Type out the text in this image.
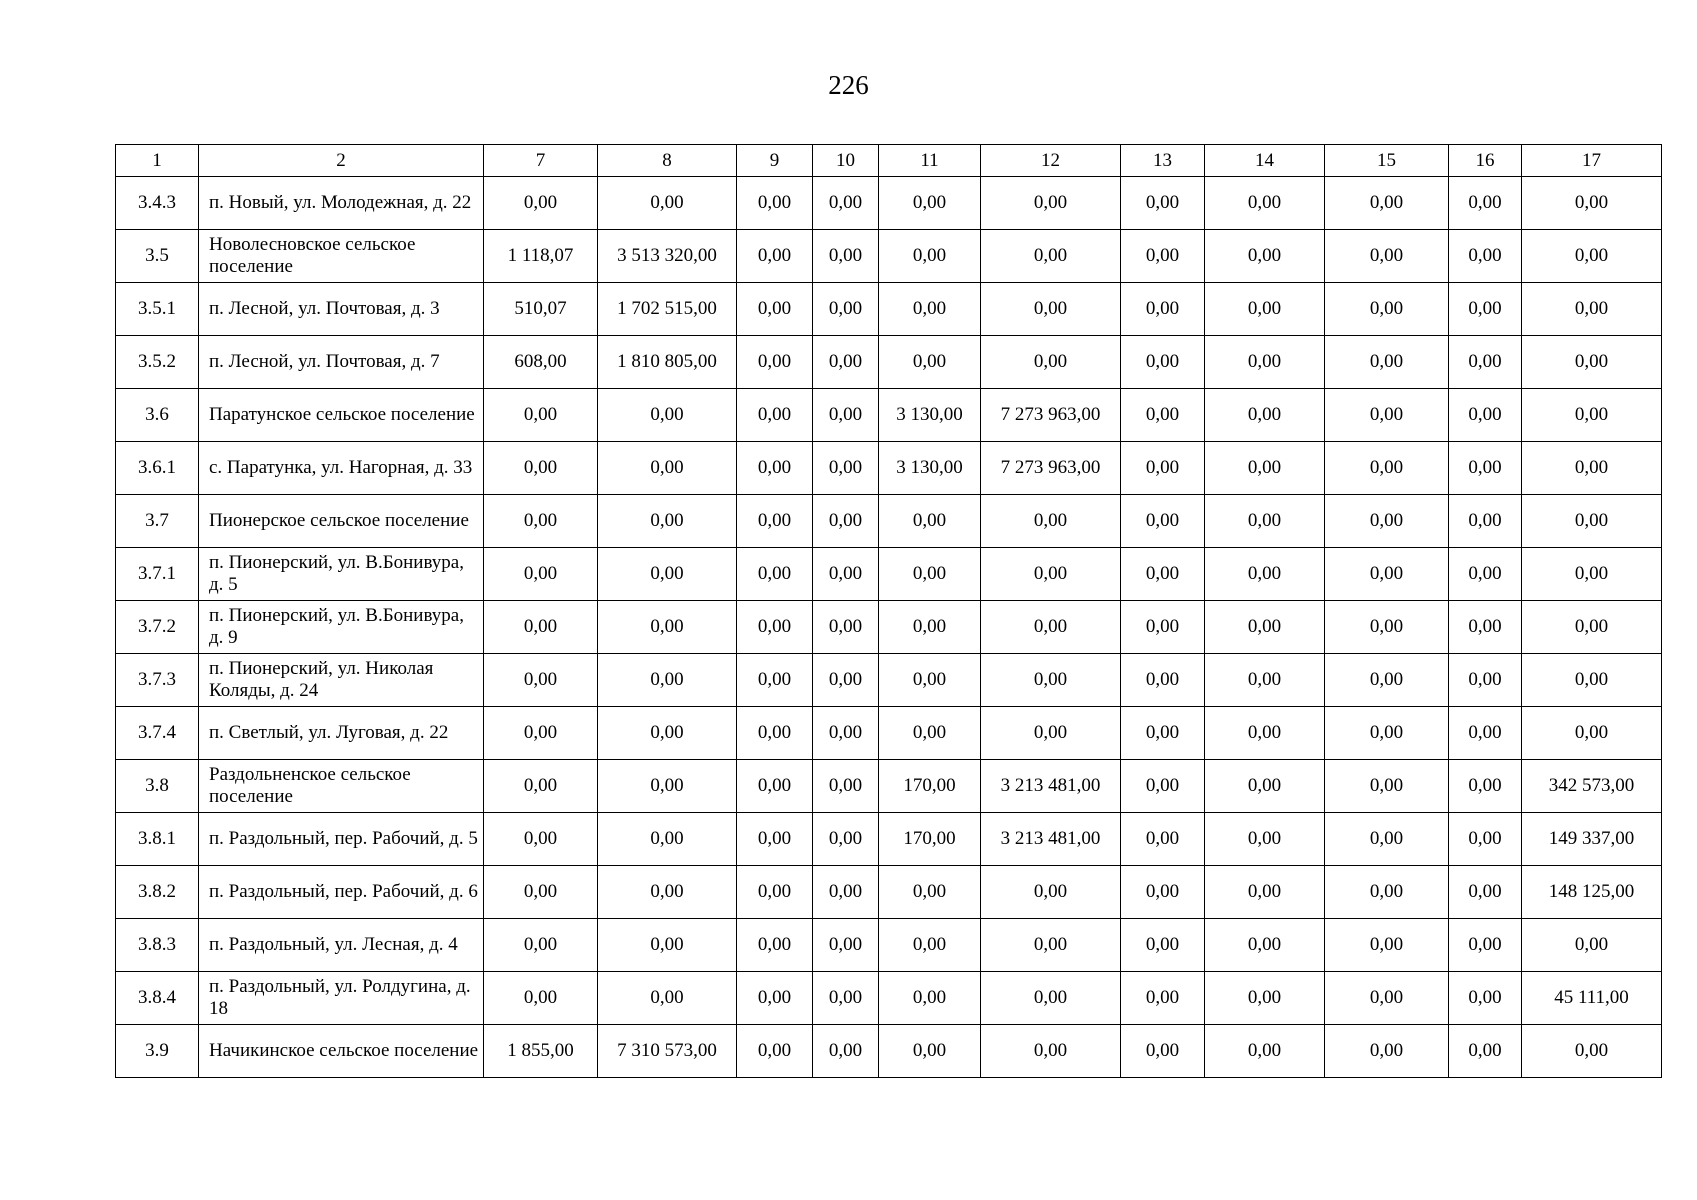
226
1	2	7	8	9	10	11	12	13	14	15	16	17
3.4.3	п. Новый, ул. Молодежная, д. 22	0,00	0,00	0,00	0,00	0,00	0,00	0,00	0,00	0,00	0,00	0,00
3.5	Новолесновское сельское поселение	1 118,07	3 513 320,00	0,00	0,00	0,00	0,00	0,00	0,00	0,00	0,00	0,00
3.5.1	п. Лесной, ул. Почтовая, д. 3	510,07	1 702 515,00	0,00	0,00	0,00	0,00	0,00	0,00	0,00	0,00	0,00
3.5.2	п. Лесной, ул. Почтовая, д. 7	608,00	1 810 805,00	0,00	0,00	0,00	0,00	0,00	0,00	0,00	0,00	0,00
3.6	Паратунское сельское поселение	0,00	0,00	0,00	0,00	3 130,00	7 273 963,00	0,00	0,00	0,00	0,00	0,00
3.6.1	с. Паратунка, ул. Нагорная, д. 33	0,00	0,00	0,00	0,00	3 130,00	7 273 963,00	0,00	0,00	0,00	0,00	0,00
3.7	Пионерское сельское поселение	0,00	0,00	0,00	0,00	0,00	0,00	0,00	0,00	0,00	0,00	0,00
3.7.1	п. Пионерский, ул. В.Бонивура, д. 5	0,00	0,00	0,00	0,00	0,00	0,00	0,00	0,00	0,00	0,00	0,00
3.7.2	п. Пионерский, ул. В.Бонивура, д. 9	0,00	0,00	0,00	0,00	0,00	0,00	0,00	0,00	0,00	0,00	0,00
3.7.3	п. Пионерский, ул. Николая Коляды, д. 24	0,00	0,00	0,00	0,00	0,00	0,00	0,00	0,00	0,00	0,00	0,00
3.7.4	п. Светлый, ул. Луговая, д. 22	0,00	0,00	0,00	0,00	0,00	0,00	0,00	0,00	0,00	0,00	0,00
3.8	Раздольненское сельское поселение	0,00	0,00	0,00	0,00	170,00	3 213 481,00	0,00	0,00	0,00	0,00	342 573,00
3.8.1	п. Раздольный, пер. Рабочий, д. 5	0,00	0,00	0,00	0,00	170,00	3 213 481,00	0,00	0,00	0,00	0,00	149 337,00
3.8.2	п. Раздольный, пер. Рабочий, д. 6	0,00	0,00	0,00	0,00	0,00	0,00	0,00	0,00	0,00	0,00	148 125,00
3.8.3	п. Раздольный, ул. Лесная, д. 4	0,00	0,00	0,00	0,00	0,00	0,00	0,00	0,00	0,00	0,00	0,00
3.8.4	п. Раздольный, ул. Ролдугина, д. 18	0,00	0,00	0,00	0,00	0,00	0,00	0,00	0,00	0,00	0,00	45 111,00
3.9	Начикинское сельское поселение	1 855,00	7 310 573,00	0,00	0,00	0,00	0,00	0,00	0,00	0,00	0,00	0,00
